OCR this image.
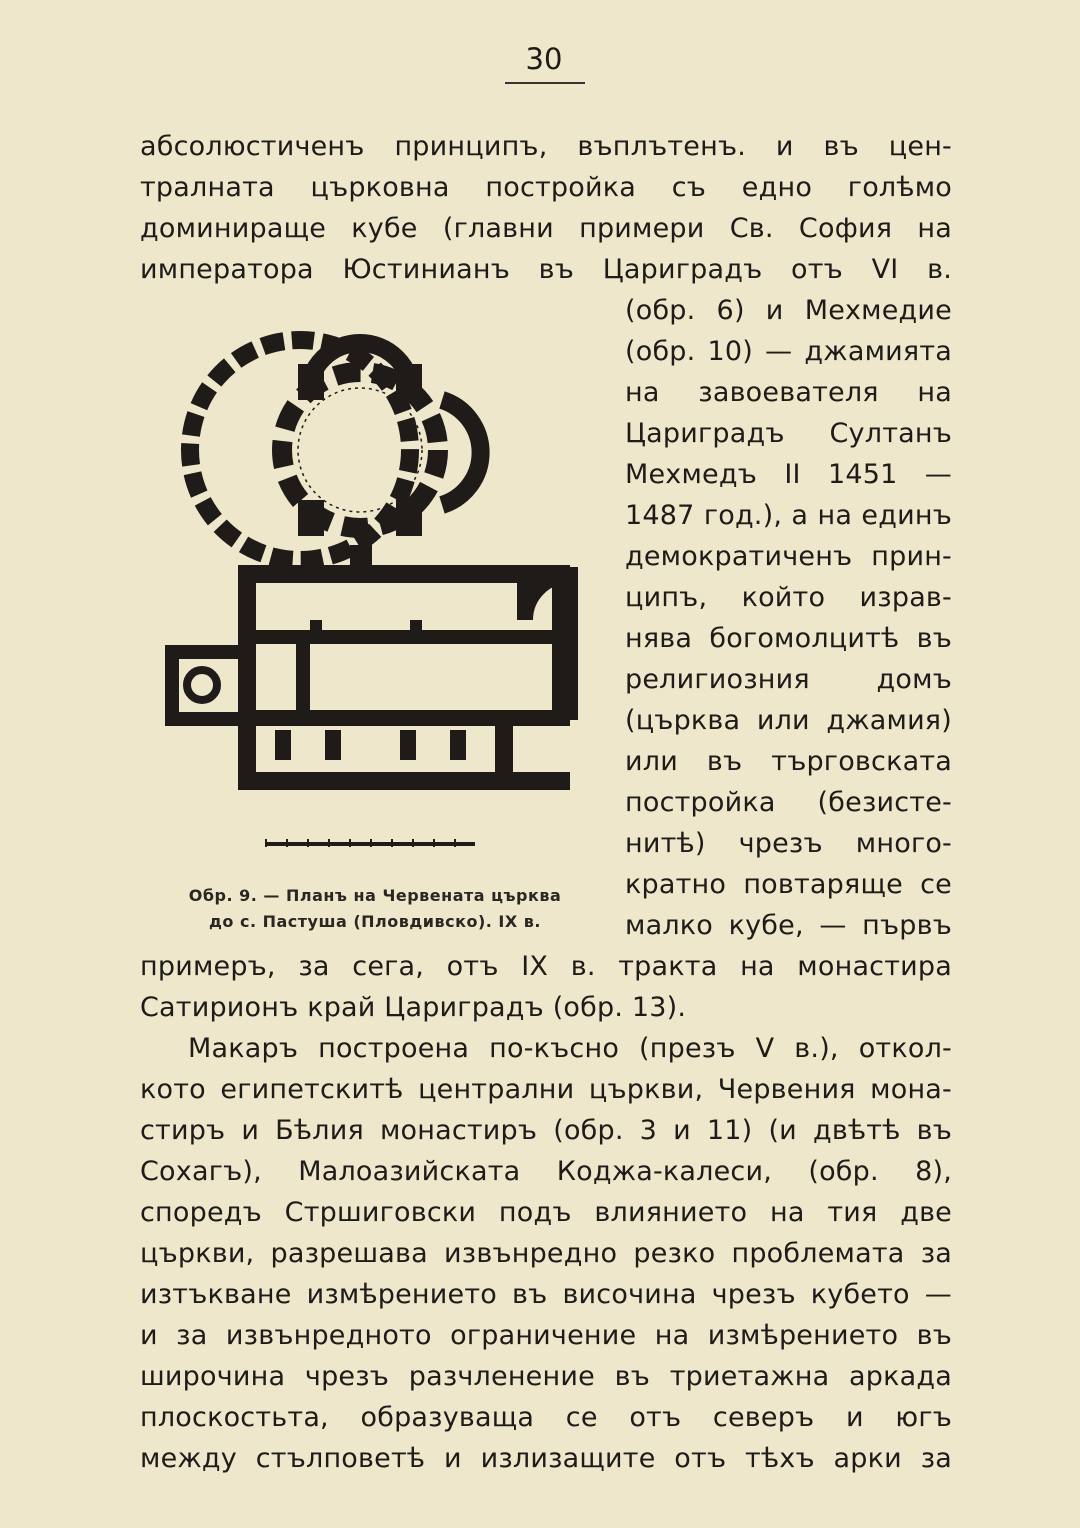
30
абсолюстиченъ принципъ, въплътенъ. и въ цен-
тралната църковна постройка съ едно голѣмо
доминираще кубе (главни примери Св. София на
императора Юстинианъ въ Цариградъ отъ VI в.
(обр. 6) и Мехмедие
(обр. 10) — джамията
на завоевателя на
Цариградъ Султанъ
Мехмедъ II 1451 —
1487 год.), а на единъ
демократиченъ прин-
ципъ, който израв-
нява богомолцитѣ въ
религиозния домъ
(църква или джамия)
или въ търговската
постройка (безисте-
нитѣ) чрезъ много-
кратно повтаряще се
малко кубе, — първъ
Обр. 9. — Планъ на Червената църква
до с. Пастуша (Пловдивско). IX в.
примеръ, за сега, отъ IX в. тракта на монастира
Сатирионъ край Цариградъ (обр. 13).
Макаръ построена по-късно (презъ V в.), откол-
кото египетскитѣ централни църкви, Червения мона-
стиръ и Бѣлия монастиръ (обр. 3 и 11) (и двѣтѣ въ
Сохагъ), Малоазийската Коджа-калеси, (обр. 8),
споредъ Стршиговски подъ влиянието на тия две
църкви, разрешава извънредно резко проблемата за
изтъкване измѣрението въ височина чрезъ кубето —
и за извънредното ограничение на измѣрението въ
широчина чрезъ разчленение въ триетажна аркада
плоскостьта, образуваща се отъ северъ и югъ
между стълповетѣ и излизащите отъ тѣхъ арки за
